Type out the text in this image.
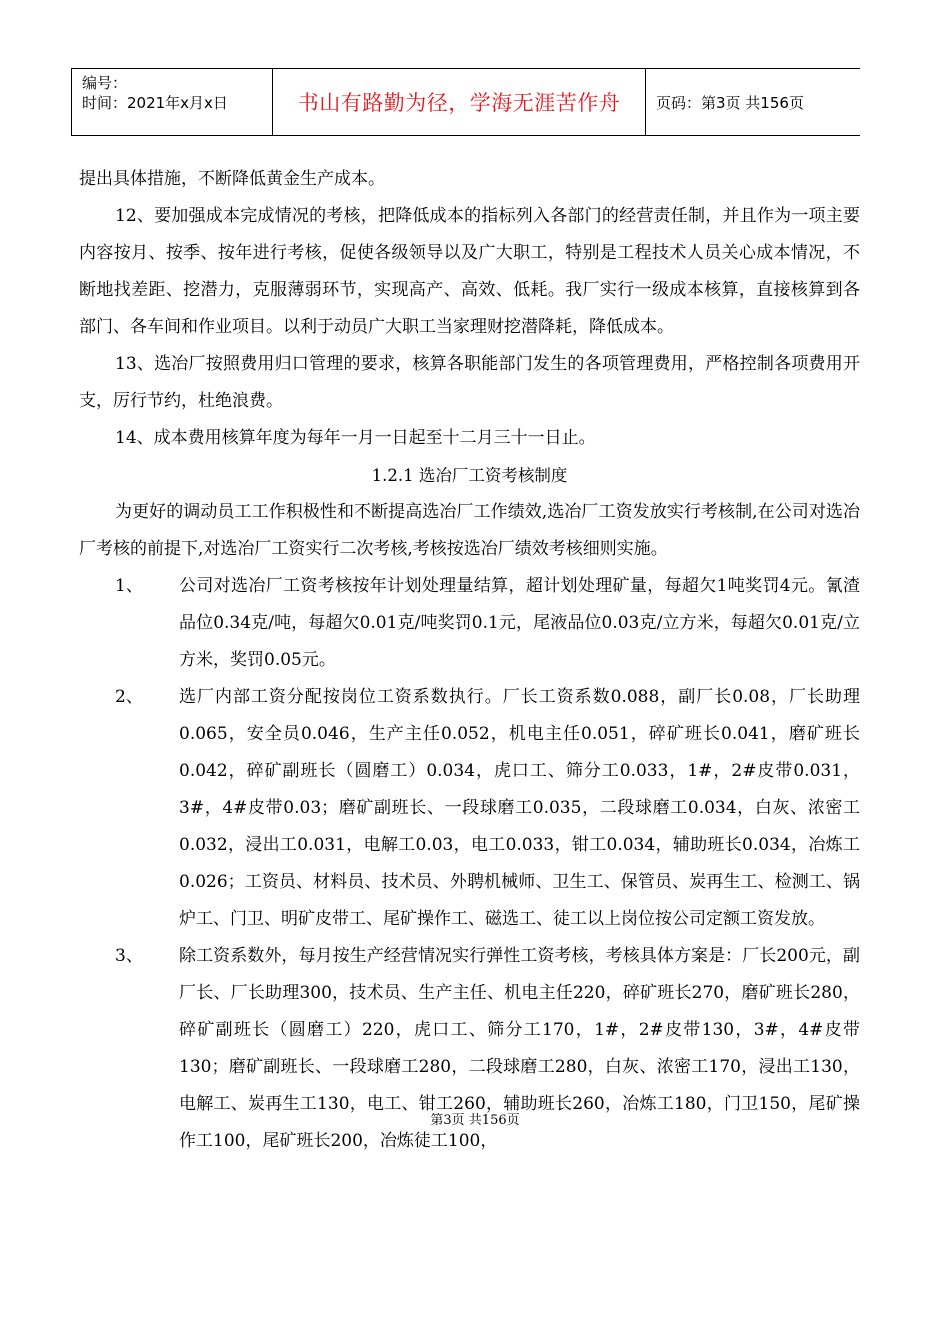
编号：
时间：2021年x月x日	书山有路勤为径，学海无涯苦作舟 页码：第3页 共156页

提出具体措施，不断降低黄金生产成本。

12、要加强成本完成情况的考核，把降低成本的指标列入各部门的经营责任制，并且作为一项主要内容按月、按季、按年进行考核，促使各级领导以及广大职工，特别是工程技术人员关心成本情况，不断地找差距、挖潜力，克服薄弱环节，实现高产、高效、低耗。我厂实行一级成本核算，直接核算到各部门、各车间和作业项目。以利于动员广大职工当家理财挖潜降耗，降低成本。

13、选冶厂按照费用归口管理的要求，核算各职能部门发生的各项管理费用，严格控制各项费用开支，厉行节约，杜绝浪费。

14、成本费用核算年度为每年一月一日起至十二月三十一日止。

1.2.1 选冶厂工资考核制度

为更好的调动员工工作积极性和不断提高选冶厂工作绩效,选冶厂工资发放实行考核制,在公司对选冶厂考核的前提下,对选冶厂工资实行二次考核,考核按选冶厂绩效考核细则实施。

1、	公司对选冶厂工资考核按年计划处理量结算，超计划处理矿量，每超欠1吨奖罚4元。氰渣品位0.34克/吨，每超欠0.01克/吨奖罚0.1元，尾液品位0.03克/立方米，每超欠0.01克/立方米，奖罚0.05元。
2、	选厂内部工资分配按岗位工资系数执行。厂长工资系数0.088，副厂长0.08，厂长助理0.065，安全员0.046，生产主任0.052，机电主任0.051，碎矿班长0.041，磨矿班长0.042，碎矿副班长（圆磨工）0.034，虎口工、筛分工0.033，1#，2#皮带0.031，3#，4#皮带0.03；磨矿副班长、一段球磨工0.035，二段球磨工0.034，白灰、浓密工0.032，浸出工0.031，电解工0.03，电工0.033，钳工0.034，辅助班长0.034，冶炼工0.026；工资员、材料员、技术员、外聘机械师、卫生工、保管员、炭再生工、检测工、锅炉工、门卫、明矿皮带工、尾矿操作工、磁选工、徒工以上岗位按公司定额工资发放。
3、	除工资系数外，每月按生产经营情况实行弹性工资考核，考核具体方案是：厂长200元，副厂长、厂长助理300，技术员、生产主任、机电主任220，碎矿班长270，磨矿班长280，碎矿副班长（圆磨工）220，虎口工、筛分工170，1#，2#皮带130，3#，4#皮带130；磨矿副班长、一段球磨工280，二段球磨工280，白灰、浓密工170，浸出工130，电解工、炭再生工130，电工、钳工260，辅助班长260，冶炼工180，门卫150，尾矿操作工100，尾矿班长200，冶炼徒工100，
第3页 共156页
